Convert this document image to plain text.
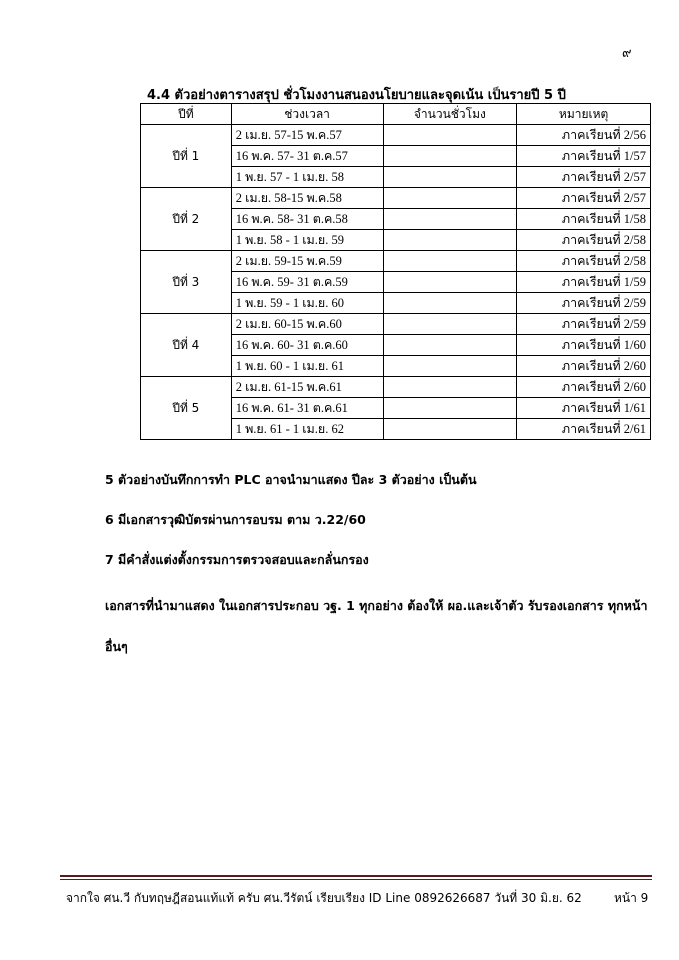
๙
4.4 ตัวอย่างตารางสรุป ชั่วโมงงานสนองนโยบายและจุดเน้น เป็นรายปี 5 ปี
ปีที่	ช่วงเวลา	จำนวนชั่วโมง	หมายเหตุ
ปีที่ 1	2 เม.ย. 57-15 พ.ค.57		ภาคเรียนที่ 2/56
	16 พ.ค. 57- 31 ต.ค.57		ภาคเรียนที่ 1/57
	1 พ.ย. 57 - 1 เม.ย. 58		ภาคเรียนที่ 2/57
ปีที่ 2	2 เม.ย. 58-15 พ.ค.58		ภาคเรียนที่ 2/57
	16 พ.ค. 58- 31 ต.ค.58		ภาคเรียนที่ 1/58
	1 พ.ย. 58 - 1 เม.ย. 59		ภาคเรียนที่ 2/58
ปีที่ 3	2 เม.ย. 59-15 พ.ค.59		ภาคเรียนที่ 2/58
	16 พ.ค. 59- 31 ต.ค.59		ภาคเรียนที่ 1/59
	1 พ.ย. 59 - 1 เม.ย. 60		ภาคเรียนที่ 2/59
ปีที่ 4	2 เม.ย. 60-15 พ.ค.60		ภาคเรียนที่ 2/59
	16 พ.ค. 60- 31 ต.ค.60		ภาคเรียนที่ 1/60
	1 พ.ย. 60 - 1 เม.ย. 61		ภาคเรียนที่ 2/60
ปีที่ 5	2 เม.ย. 61-15 พ.ค.61		ภาคเรียนที่ 2/60
	16 พ.ค. 61- 31 ต.ค.61		ภาคเรียนที่ 1/61
	1 พ.ย. 61 - 1 เม.ย. 62		ภาคเรียนที่ 2/61
5 ตัวอย่างบันทึกการทำ PLC อาจนำมาแสดง ปีละ 3 ตัวอย่าง เป็นต้น
6 มีเอกสารวุฒิบัตรผ่านการอบรม ตาม ว.22/60
7 มีคำสั่งแต่งตั้งกรรมการตรวจสอบและกลั่นกรอง
เอกสารที่นำมาแสดง ในเอกสารประกอบ วฐ. 1 ทุกอย่าง ต้องให้ ผอ.และเจ้าตัว รับรองเอกสาร ทุกหน้า
อื่นๆ
จากใจ ศน.วี กับทฤษฎีสอนแท้แท้ ครับ ศน.วีรัตน์ เรียบเรียง ID Line 0892626687 วันที่ 30 มิ.ย. 62	หน้า 9
